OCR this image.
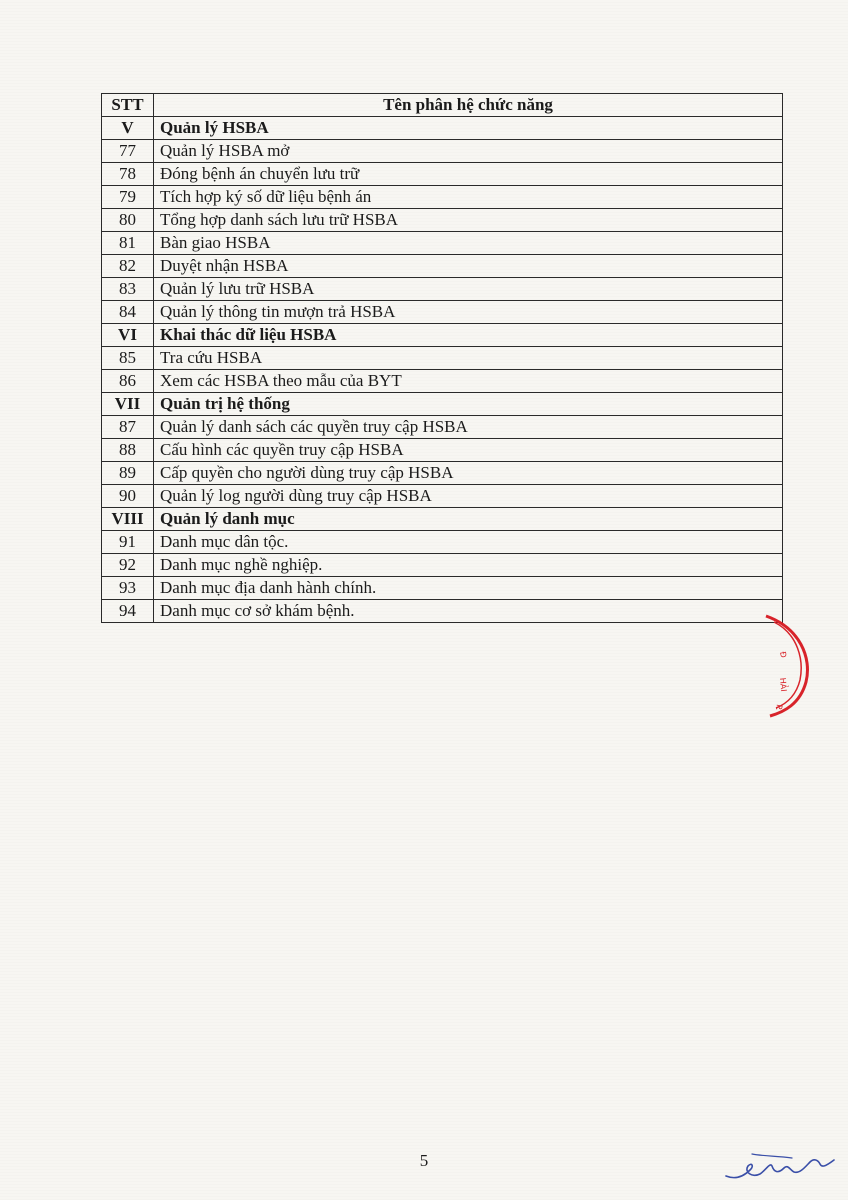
STT	Tên phân hệ chức năng
V	Quản lý HSBA
77	Quản lý HSBA mở
78	Đóng bệnh án chuyển lưu trữ
79	Tích hợp ký số dữ liệu bệnh án
80	Tổng hợp danh sách lưu trữ HSBA
81	Bàn giao HSBA
82	Duyệt nhận HSBA
83	Quản lý lưu trữ HSBA
84	Quản lý thông tin mượn trả HSBA
VI	Khai thác dữ liệu HSBA
85	Tra cứu HSBA
86	Xem các HSBA theo mẫu của BYT
VII	Quản trị hệ thống
87	Quản lý danh sách các quyền truy cập HSBA
88	Cấu hình các quyền truy cập HSBA
89	Cấp quyền cho người dùng truy cập HSBA
90	Quản lý log người dùng truy cập HSBA
VIII	Quản lý danh mục
91	Danh mục dân tộc.
92	Danh mục nghề nghiệp.
93	Danh mục địa danh hành chính.
94	Danh mục cơ sở khám bệnh.
Đ
HẢI
P.
5
